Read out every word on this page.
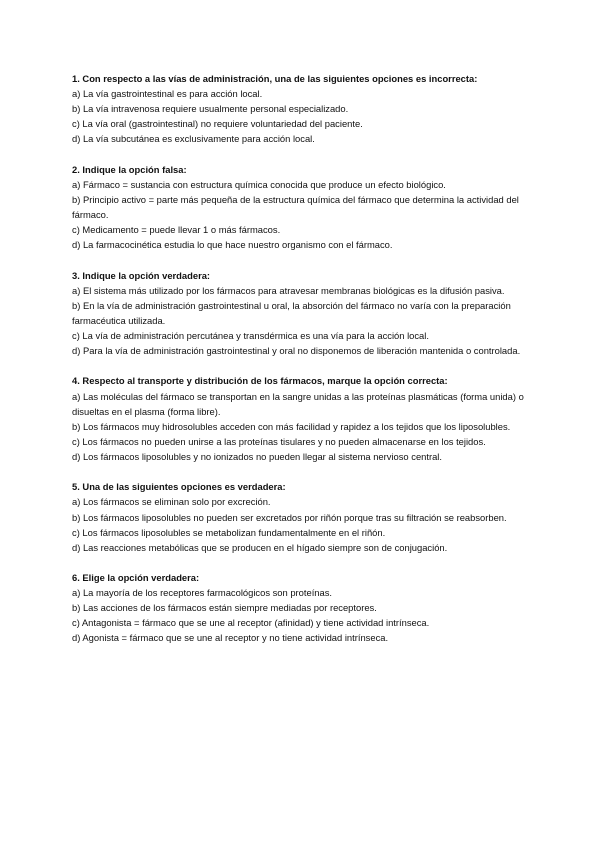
1. Con respecto a las vías de administración, una de las siguientes opciones es incorrecta:
a) La vía gastrointestinal es para acción local.
b) La vía intravenosa requiere usualmente personal especializado.
c) La vía oral (gastrointestinal) no requiere voluntariedad del paciente.
d) La vía subcutánea es exclusivamente para acción local.
2. Indique la opción falsa:
a) Fármaco = sustancia con estructura química conocida que produce un efecto biológico.
b) Principio activo = parte más pequeña de la estructura química del fármaco que determina la actividad del fármaco.
c) Medicamento = puede llevar 1 o más fármacos.
d) La farmacocinética estudia lo que hace nuestro organismo con el fármaco.
3. Indique la opción verdadera:
a) El sistema más utilizado por los fármacos para atravesar membranas biológicas es la difusión pasiva.
b) En la vía de administración gastrointestinal u oral, la absorción del fármaco no varía con la preparación farmacéutica utilizada.
c) La vía de administración percutánea y transdérmica es una vía para la acción local.
d) Para la vía de administración gastrointestinal y oral no disponemos de liberación mantenida o controlada.
4. Respecto al transporte y distribución de los fármacos, marque la opción correcta:
a) Las moléculas del fármaco se transportan en la sangre unidas a las proteínas plasmáticas (forma unida) o disueltas en el plasma (forma libre).
b) Los fármacos muy hidrosolubles acceden con más facilidad y rapidez a los tejidos que los liposolubles.
c) Los fármacos no pueden unirse a las proteínas tisulares y no pueden almacenarse en los tejidos.
d) Los fármacos liposolubles y no ionizados no pueden llegar al sistema nervioso central.
5. Una de las siguientes opciones es verdadera:
a) Los fármacos se eliminan solo por excreción.
b) Los fármacos liposolubles no pueden ser excretados por riñón porque tras su filtración se reabsorben.
c) Los fármacos liposolubles se metabolizan fundamentalmente en el riñón.
d) Las reacciones metabólicas que se producen en el hígado siempre son de conjugación.
6. Elige la opción verdadera:
a) La mayoría de los receptores farmacológicos son proteínas.
b) Las acciones de los fármacos están siempre mediadas por receptores.
c) Antagonista = fármaco que se une al receptor (afinidad) y tiene actividad intrínseca.
d) Agonista = fármaco que se une al receptor y no tiene actividad intrínseca.
